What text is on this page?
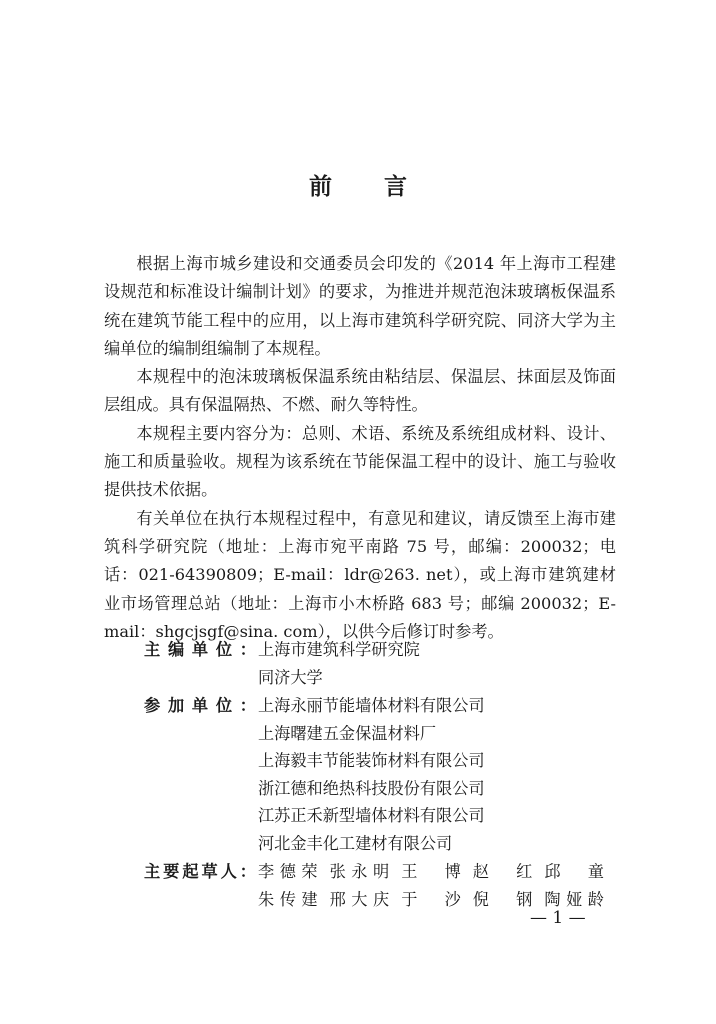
前 言

根据上海市城乡建设和交通委员会印发的《2014 年上海市工程建设规范和标准设计编制计划》的要求，为推进并规范泡沫玻璃板保温系统在建筑节能工程中的应用，以上海市建筑科学研究院、同济大学为主编单位的编制组编制了本规程。

本规程中的泡沫玻璃板保温系统由粘结层、保温层、抹面层及饰面层组成。具有保温隔热、不燃、耐久等特性。

本规程主要内容分为：总则、术语、系统及系统组成材料、设计、施工和质量验收。规程为该系统在节能保温工程中的设计、施工与验收提供技术依据。

有关单位在执行本规程过程中，有意见和建议，请反馈至上海市建筑科学研究院（地址：上海市宛平南路 75 号，邮编：200032；电话：021-64390809；E-mail：ldr@263. net），或上海市建筑建材业市场管理总站（地址：上海市小木桥路 683 号；邮编 200032；E-mail：shgcjsgf@sina. com），以供今后修订时参考。

主编单位： 上海市建筑科学研究院
同济大学
参加单位： 上海永丽节能墙体材料有限公司
上海曙建五金保温材料厂
上海毅丰节能装饰材料有限公司
浙江德和绝热科技股份有限公司
江苏正禾新型墙体材料有限公司
河北金丰化工建材有限公司
主要起草人： 李德荣 张永明 王 博 赵 红 邱 童
朱传建 邢大庆 于 沙 倪 钢 陶娅龄
— 1 —
